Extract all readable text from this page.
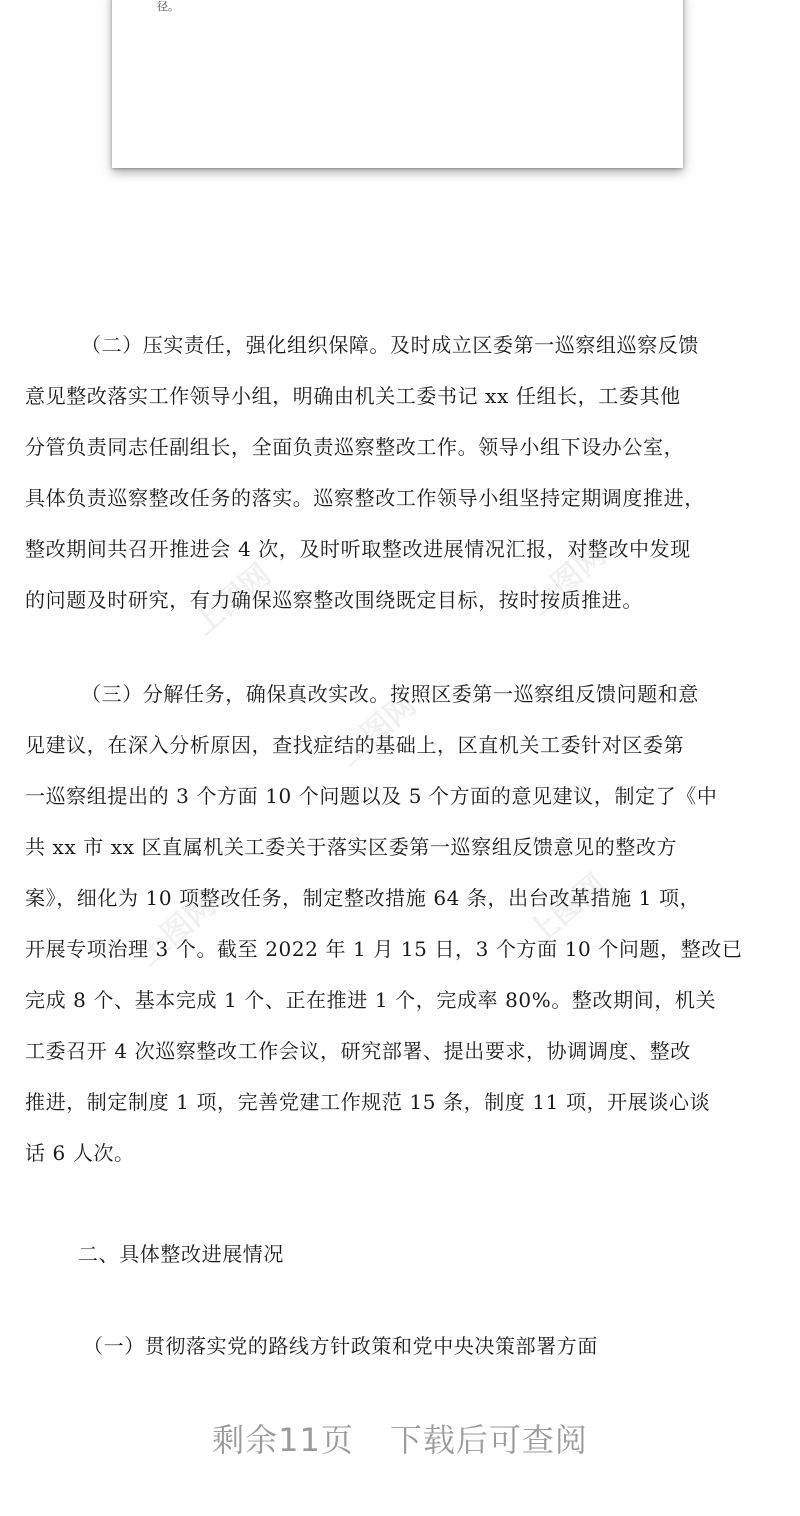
径。
上图网	上图网
上图网
上图网	上图网
（二）压实责任，强化组织保障。及时成立区委第一巡察组巡察反馈
意见整改落实工作领导小组，明确由机关工委书记 xx 任组长，工委其他
分管负责同志任副组长，全面负责巡察整改工作。领导小组下设办公室，
具体负责巡察整改任务的落实。巡察整改工作领导小组坚持定期调度推进，
整改期间共召开推进会 4 次，及时听取整改进展情况汇报，对整改中发现
的问题及时研究，有力确保巡察整改围绕既定目标，按时按质推进。
（三）分解任务，确保真改实改。按照区委第一巡察组反馈问题和意
见建议，在深入分析原因，查找症结的基础上，区直机关工委针对区委第
一巡察组提出的 3 个方面 10 个问题以及 5 个方面的意见建议，制定了《中
共 xx 市 xx 区直属机关工委关于落实区委第一巡察组反馈意见的整改方
案》，细化为 10 项整改任务，制定整改措施 64 条，出台改革措施 1 项，
开展专项治理 3 个。截至 2022 年 1 月 15 日，3 个方面 10 个问题，整改已
完成 8 个、基本完成 1 个、正在推进 1 个，完成率 80%。整改期间，机关
工委召开 4 次巡察整改工作会议，研究部署、提出要求，协调调度、整改
推进，制定制度 1 项，完善党建工作规范 15 条，制度 11 项，开展谈心谈
话 6 人次。
二、具体整改进展情况
（一）贯彻落实党的路线方针政策和党中央决策部署方面
剩余11页 下载后可查阅
